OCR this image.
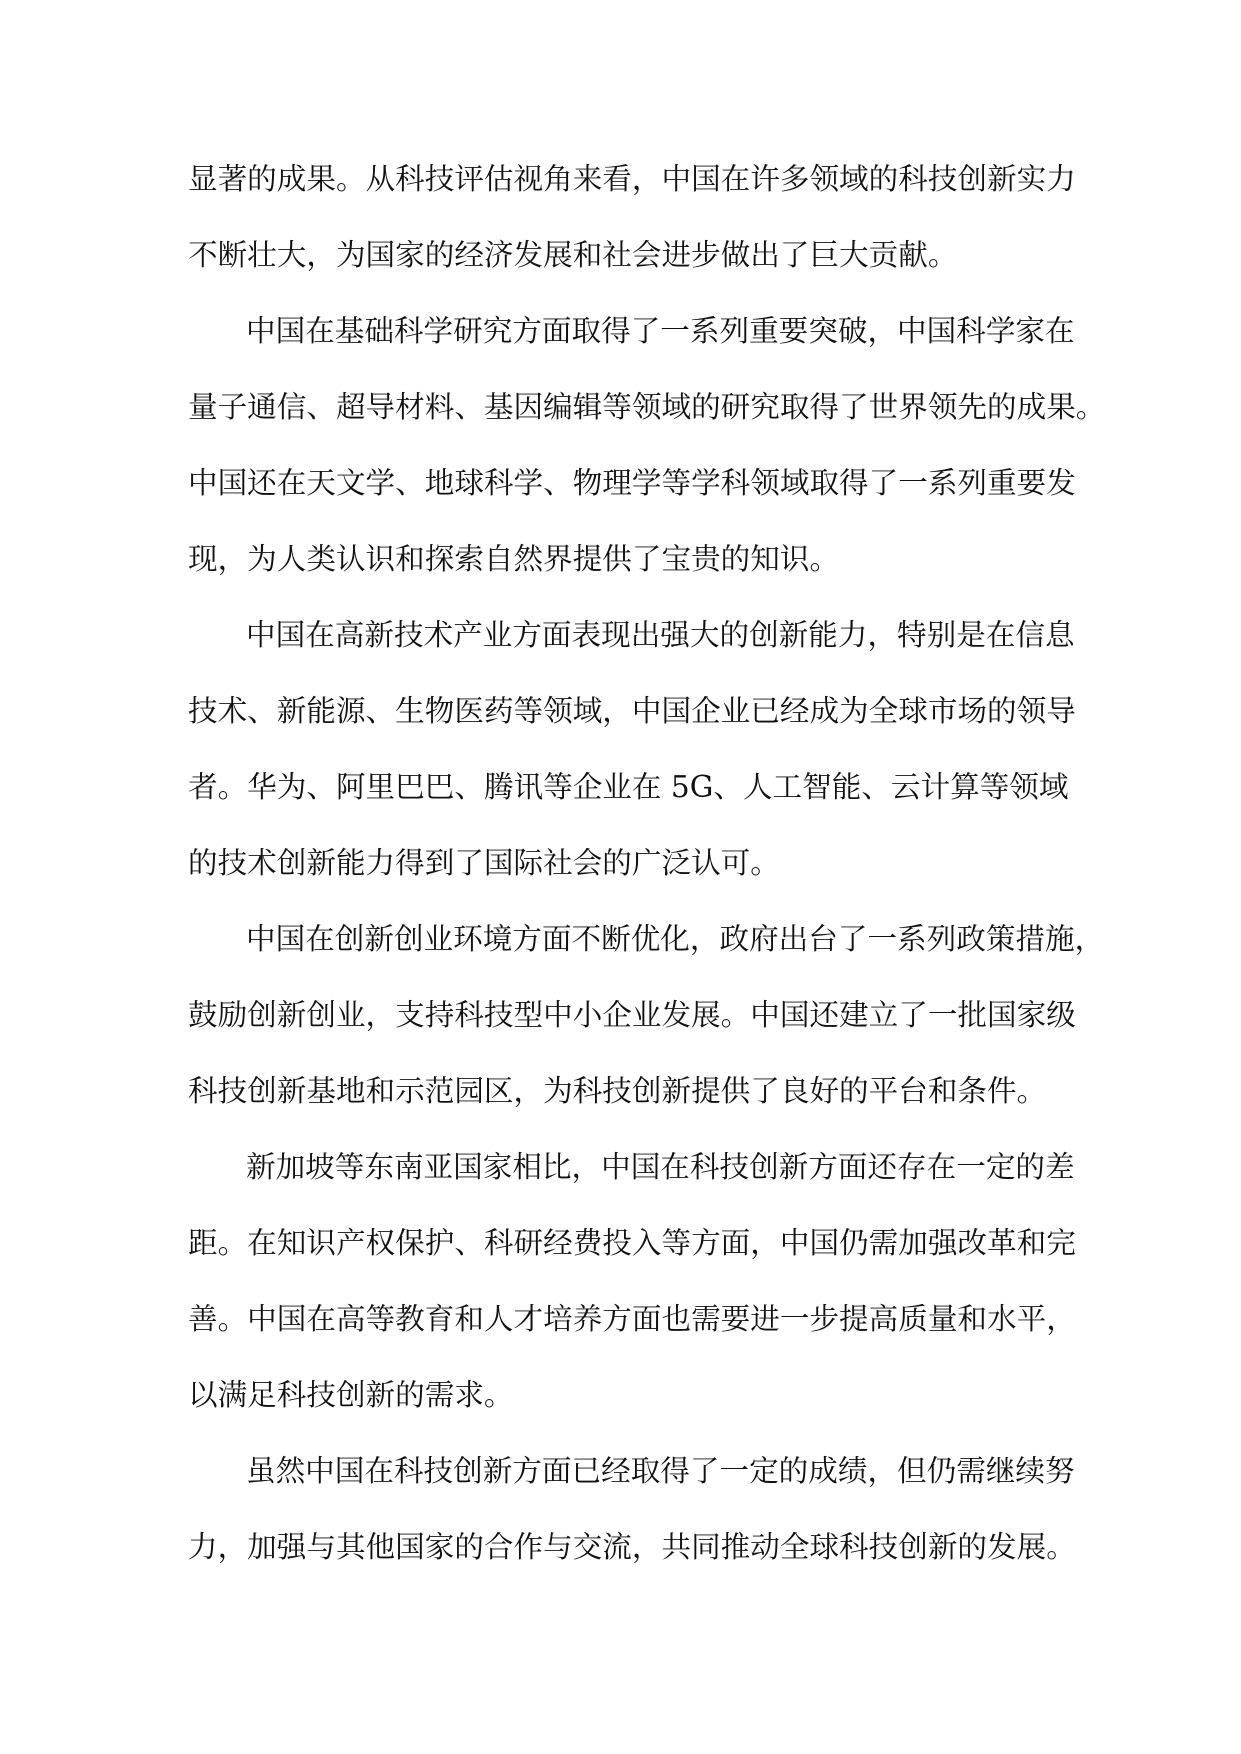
显著的成果。从科技评估视角来看，中国在许多领域的科技创新实力
不断壮大，为国家的经济发展和社会进步做出了巨大贡献。
中国在基础科学研究方面取得了一系列重要突破，中国科学家在
量子通信、超导材料、基因编辑等领域的研究取得了世界领先的成果。
中国还在天文学、地球科学、物理学等学科领域取得了一系列重要发
现，为人类认识和探索自然界提供了宝贵的知识。
中国在高新技术产业方面表现出强大的创新能力，特别是在信息
技术、新能源、生物医药等领域，中国企业已经成为全球市场的领导
者。华为、阿里巴巴、腾讯等企业在 5G、人工智能、云计算等领域
的技术创新能力得到了国际社会的广泛认可。
中国在创新创业环境方面不断优化，政府出台了一系列政策措施，
鼓励创新创业，支持科技型中小企业发展。中国还建立了一批国家级
科技创新基地和示范园区，为科技创新提供了良好的平台和条件。
新加坡等东南亚国家相比，中国在科技创新方面还存在一定的差
距。在知识产权保护、科研经费投入等方面，中国仍需加强改革和完
善。中国在高等教育和人才培养方面也需要进一步提高质量和水平，
以满足科技创新的需求。
虽然中国在科技创新方面已经取得了一定的成绩，但仍需继续努
力，加强与其他国家的合作与交流，共同推动全球科技创新的发展。
